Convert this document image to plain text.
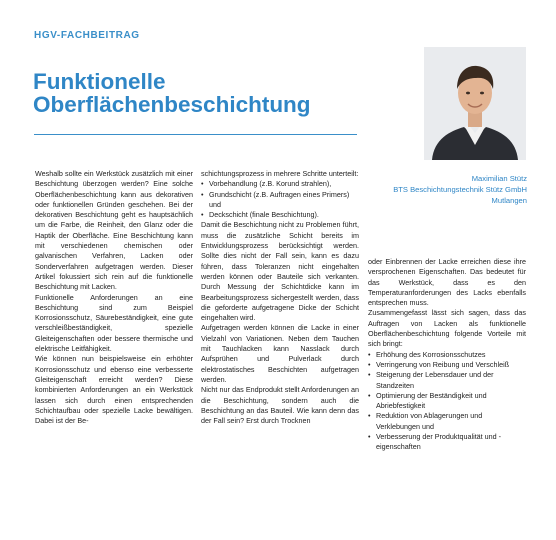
HGV-FACHBEITRAG
Funktionelle
Oberflächenbeschichtung
Maximilian Stütz
BTS Beschichtungstechnik Stütz GmbH
Mutlangen

Weshalb sollte ein Werkstück zusätzlich mit einer Beschichtung überzogen werden? Eine solche Oberflächenbeschichtung kann aus dekorativen oder funktionellen Gründen geschehen. Bei der dekorativen Beschichtung geht es hauptsächlich um die Farbe, die Reinheit, den Glanz oder die Haptik der Oberfläche. Eine Beschichtung kann mit verschiedenen chemischen oder galvanischen Verfahren, Lacken oder Sonderverfahren aufgetragen werden. Dieser Artikel fokussiert sich rein auf die funktionelle Beschichtung mit Lacken.

Funktionelle Anforderungen an eine Beschichtung sind zum Beispiel Korrosionsschutz, Säurebeständigkeit, eine gute verschleißbeständigkeit, spezielle Gleiteigenschaften oder bessere thermische und elektrische Leitfähigkeit.

Wie können nun beispielsweise ein erhöhter Korrosionsschutz und ebenso eine verbesserte Gleiteigenschaft erreicht werden? Diese kombinierten Anforderungen an ein Werkstück lassen sich durch einen entsprechenden Schichtaufbau oder spezielle Lacke bewältigen. Dabei ist der Be-

schichtungsprozess in mehrere Schritte unterteilt:

• Vorbehandlung (z.B. Korund strahlen),
• Grundschicht (z.B. Auftragen eines Primers) und
• Deckschicht (finale Beschichtung).

Damit die Beschichtung nicht zu Problemen führt, muss die zusätzliche Schicht bereits im Entwicklungsprozess berücksichtigt werden. Sollte dies nicht der Fall sein, kann es dazu führen, dass Toleranzen nicht eingehalten werden können oder Bauteile sich verkanten. Durch Messung der Schichtdicke kann im Bearbeitungsprozess sichergestellt werden, dass die geforderte aufgetragene Dicke der Schicht eingehalten wird.

Aufgetragen werden können die Lacke in einer Vielzahl von Variationen. Neben dem Tauchen mit Tauchlacken kann Nasslack durch Aufsprühen und Pulverlack durch elektrostatisches Beschichten aufgetragen werden.

Nicht nur das Endprodukt stellt Anforderungen an die Beschichtung, sondern auch die Beschichtung an das Bauteil. Wie kann denn das der Fall sein? Erst durch Trocknen

oder Einbrennen der Lacke erreichen diese ihre versprochenen Eigenschaften. Das bedeutet für das Werkstück, dass es den Temperaturanforderungen des Lacks ebenfalls entsprechen muss.

Zusammengefasst lässt sich sagen, dass das Auftragen von Lacken als funktionelle Oberflächenbeschichtung folgende Vorteile mit sich bringt:

• Erhöhung des Korrosionsschutzes
• Verringerung von Reibung und Verschleiß
• Steigerung der Lebensdauer und der Standzeiten
• Optimierung der Beständigkeit und Abriebfestigkeit
• Reduktion von Ablagerungen und Verklebungen und
• Verbesserung der Produktqualität und -eigenschaften
